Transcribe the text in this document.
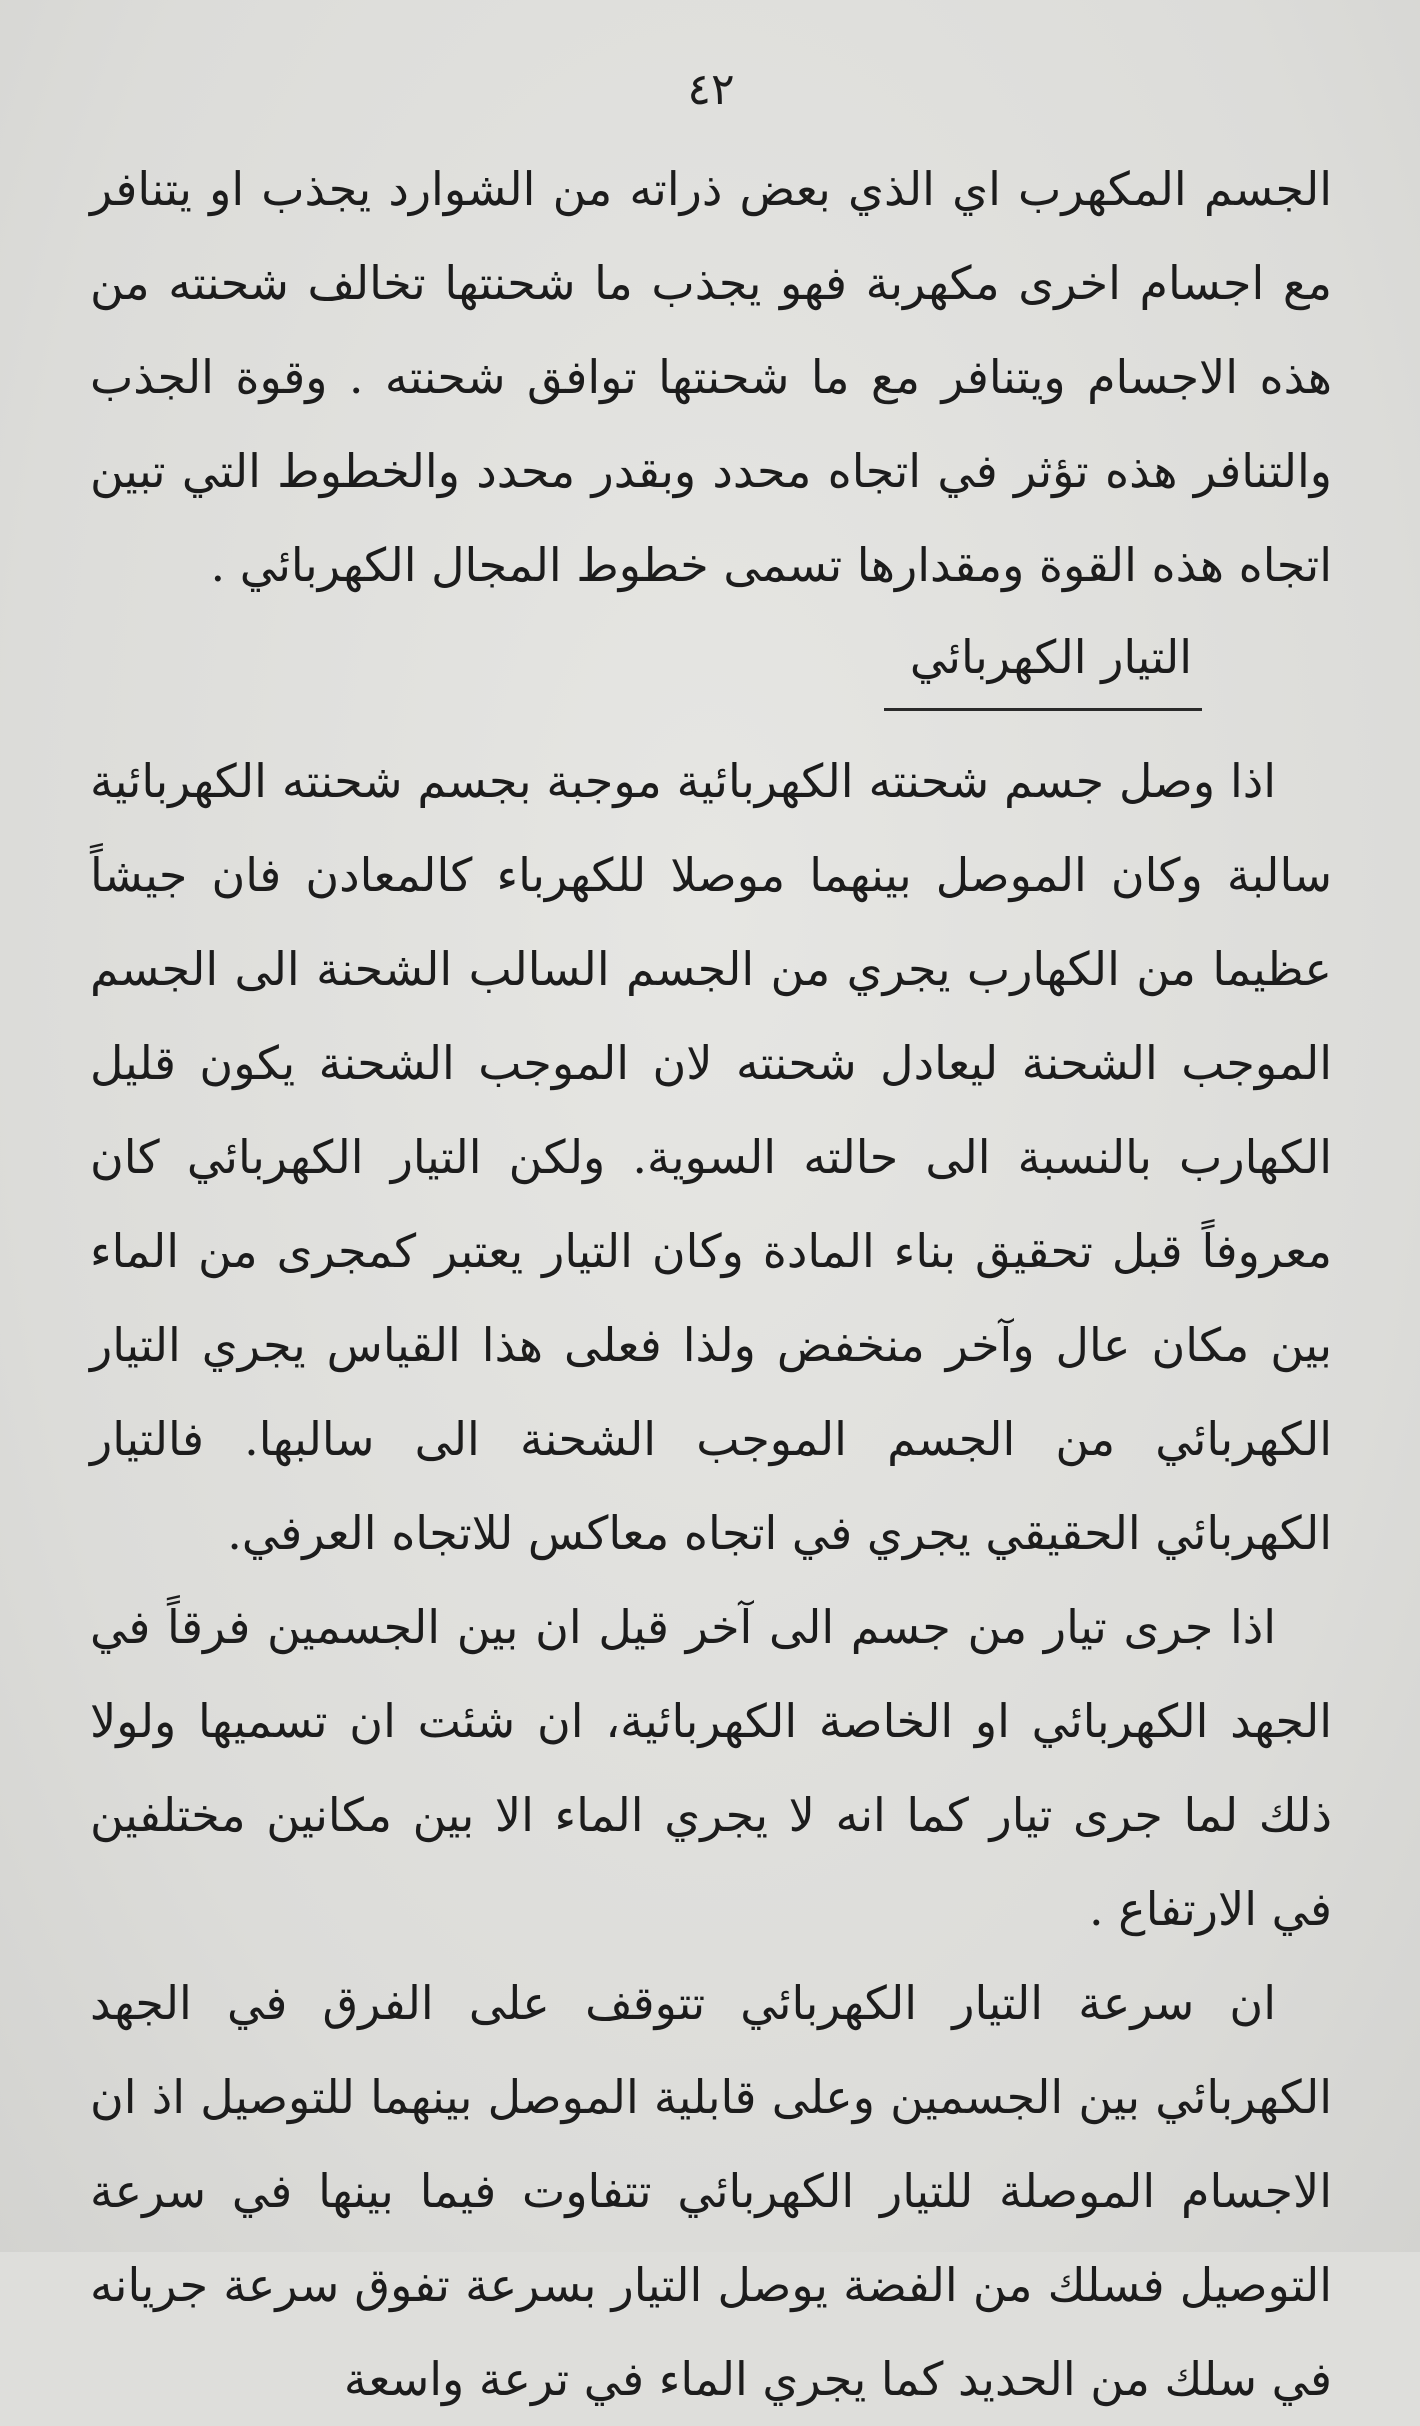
٤٢

الجسم المكهرب اي الذي بعض ذراته من الشوارد يجذب او يتنافر مع اجسام اخرى مكهربة فهو يجذب ما شحنتها تخالف شحنته من هذه الاجسام ويتنافر مع ما شحنتها توافق شحنته . وقوة الجذب والتنافر هذه تؤثر في اتجاه محدد وبقدر محدد والخطوط التي تبين اتجاه هذه القوة ومقدارها تسمى خطوط المجال الكهربائي .

التيار الكهربائي

اذا وصل جسم شحنته الكهربائية موجبة بجسم شحنته الكهربائية سالبة وكان الموصل بينهما موصلا للكهرباء كالمعادن فان جيشاً عظيما من الكهارب يجري من الجسم السالب الشحنة الى الجسم الموجب الشحنة ليعادل شحنته لان الموجب الشحنة يكون قليل الكهارب بالنسبة الى حالته السوية. ولكن التيار الكهربائي كان معروفاً قبل تحقيق بناء المادة وكان التيار يعتبر كمجرى من الماء بين مكان عال وآخر منخفض ولذا فعلى هذا القياس يجري التيار الكهربائي من الجسم الموجب الشحنة الى سالبها. فالتيار الكهربائي الحقيقي يجري في اتجاه معاكس للاتجاه العرفي.

اذا جرى تيار من جسم الى آخر قيل ان بين الجسمين فرقاً في الجهد الكهربائي او الخاصة الكهربائية، ان شئت ان تسميها ولولا ذلك لما جرى تيار كما انه لا يجري الماء الا بين مكانين مختلفين في الارتفاع .

ان سرعة التيار الكهربائي تتوقف على الفرق في الجهد الكهربائي بين الجسمين وعلى قابلية الموصل بينهما للتوصيل اذ ان الاجسام الموصلة للتيار الكهربائي تتفاوت فيما بينها في سرعة التوصيل فسلك من الفضة يوصل التيار بسرعة تفوق سرعة جريانه في سلك من الحديد كما يجري الماء في ترعة واسعة
